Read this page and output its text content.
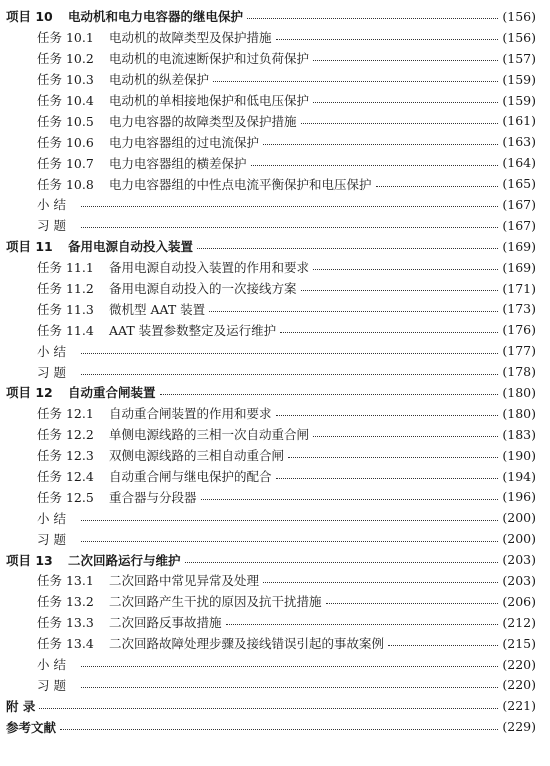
项目 10	电动机和电力电容器的继电保护	(156)
任务 10.1	电动机的故障类型及保护措施	(156)
任务 10.2	电动机的电流速断保护和过负荷保护	(157)
任务 10.3	电动机的纵差保护	(159)
任务 10.4	电动机的单相接地保护和低电压保护	(159)
任务 10.5	电力电容器的故障类型及保护措施	(161)
任务 10.6	电力电容器组的过电流保护	(163)
任务 10.7	电力电容器组的横差保护	(164)
任务 10.8	电力电容器组的中性点电流平衡保护和电压保护	(165)
小 结	(167)
习 题	(167)
项目 11	备用电源自动投入装置	(169)
任务 11.1	备用电源自动投入装置的作用和要求	(169)
任务 11.2	备用电源自动投入的一次接线方案	(171)
任务 11.3	微机型 AAT 装置	(173)
任务 11.4	AAT 装置参数整定及运行维护	(176)
小 结	(177)
习 题	(178)
项目 12	自动重合闸装置	(180)
任务 12.1	自动重合闸装置的作用和要求	(180)
任务 12.2	单侧电源线路的三相一次自动重合闸	(183)
任务 12.3	双侧电源线路的三相自动重合闸	(190)
任务 12.4	自动重合闸与继电保护的配合	(194)
任务 12.5	重合器与分段器	(196)
小 结	(200)
习 题	(200)
项目 13	二次回路运行与维护	(203)
任务 13.1	二次回路中常见异常及处理	(203)
任务 13.2	二次回路产生干扰的原因及抗干扰措施	(206)
任务 13.3	二次回路反事故措施	(212)
任务 13.4	二次回路故障处理步骤及接线错误引起的事故案例	(215)
小 结	(220)
习 题	(220)
附 录	(221)
参考文献	(229)
